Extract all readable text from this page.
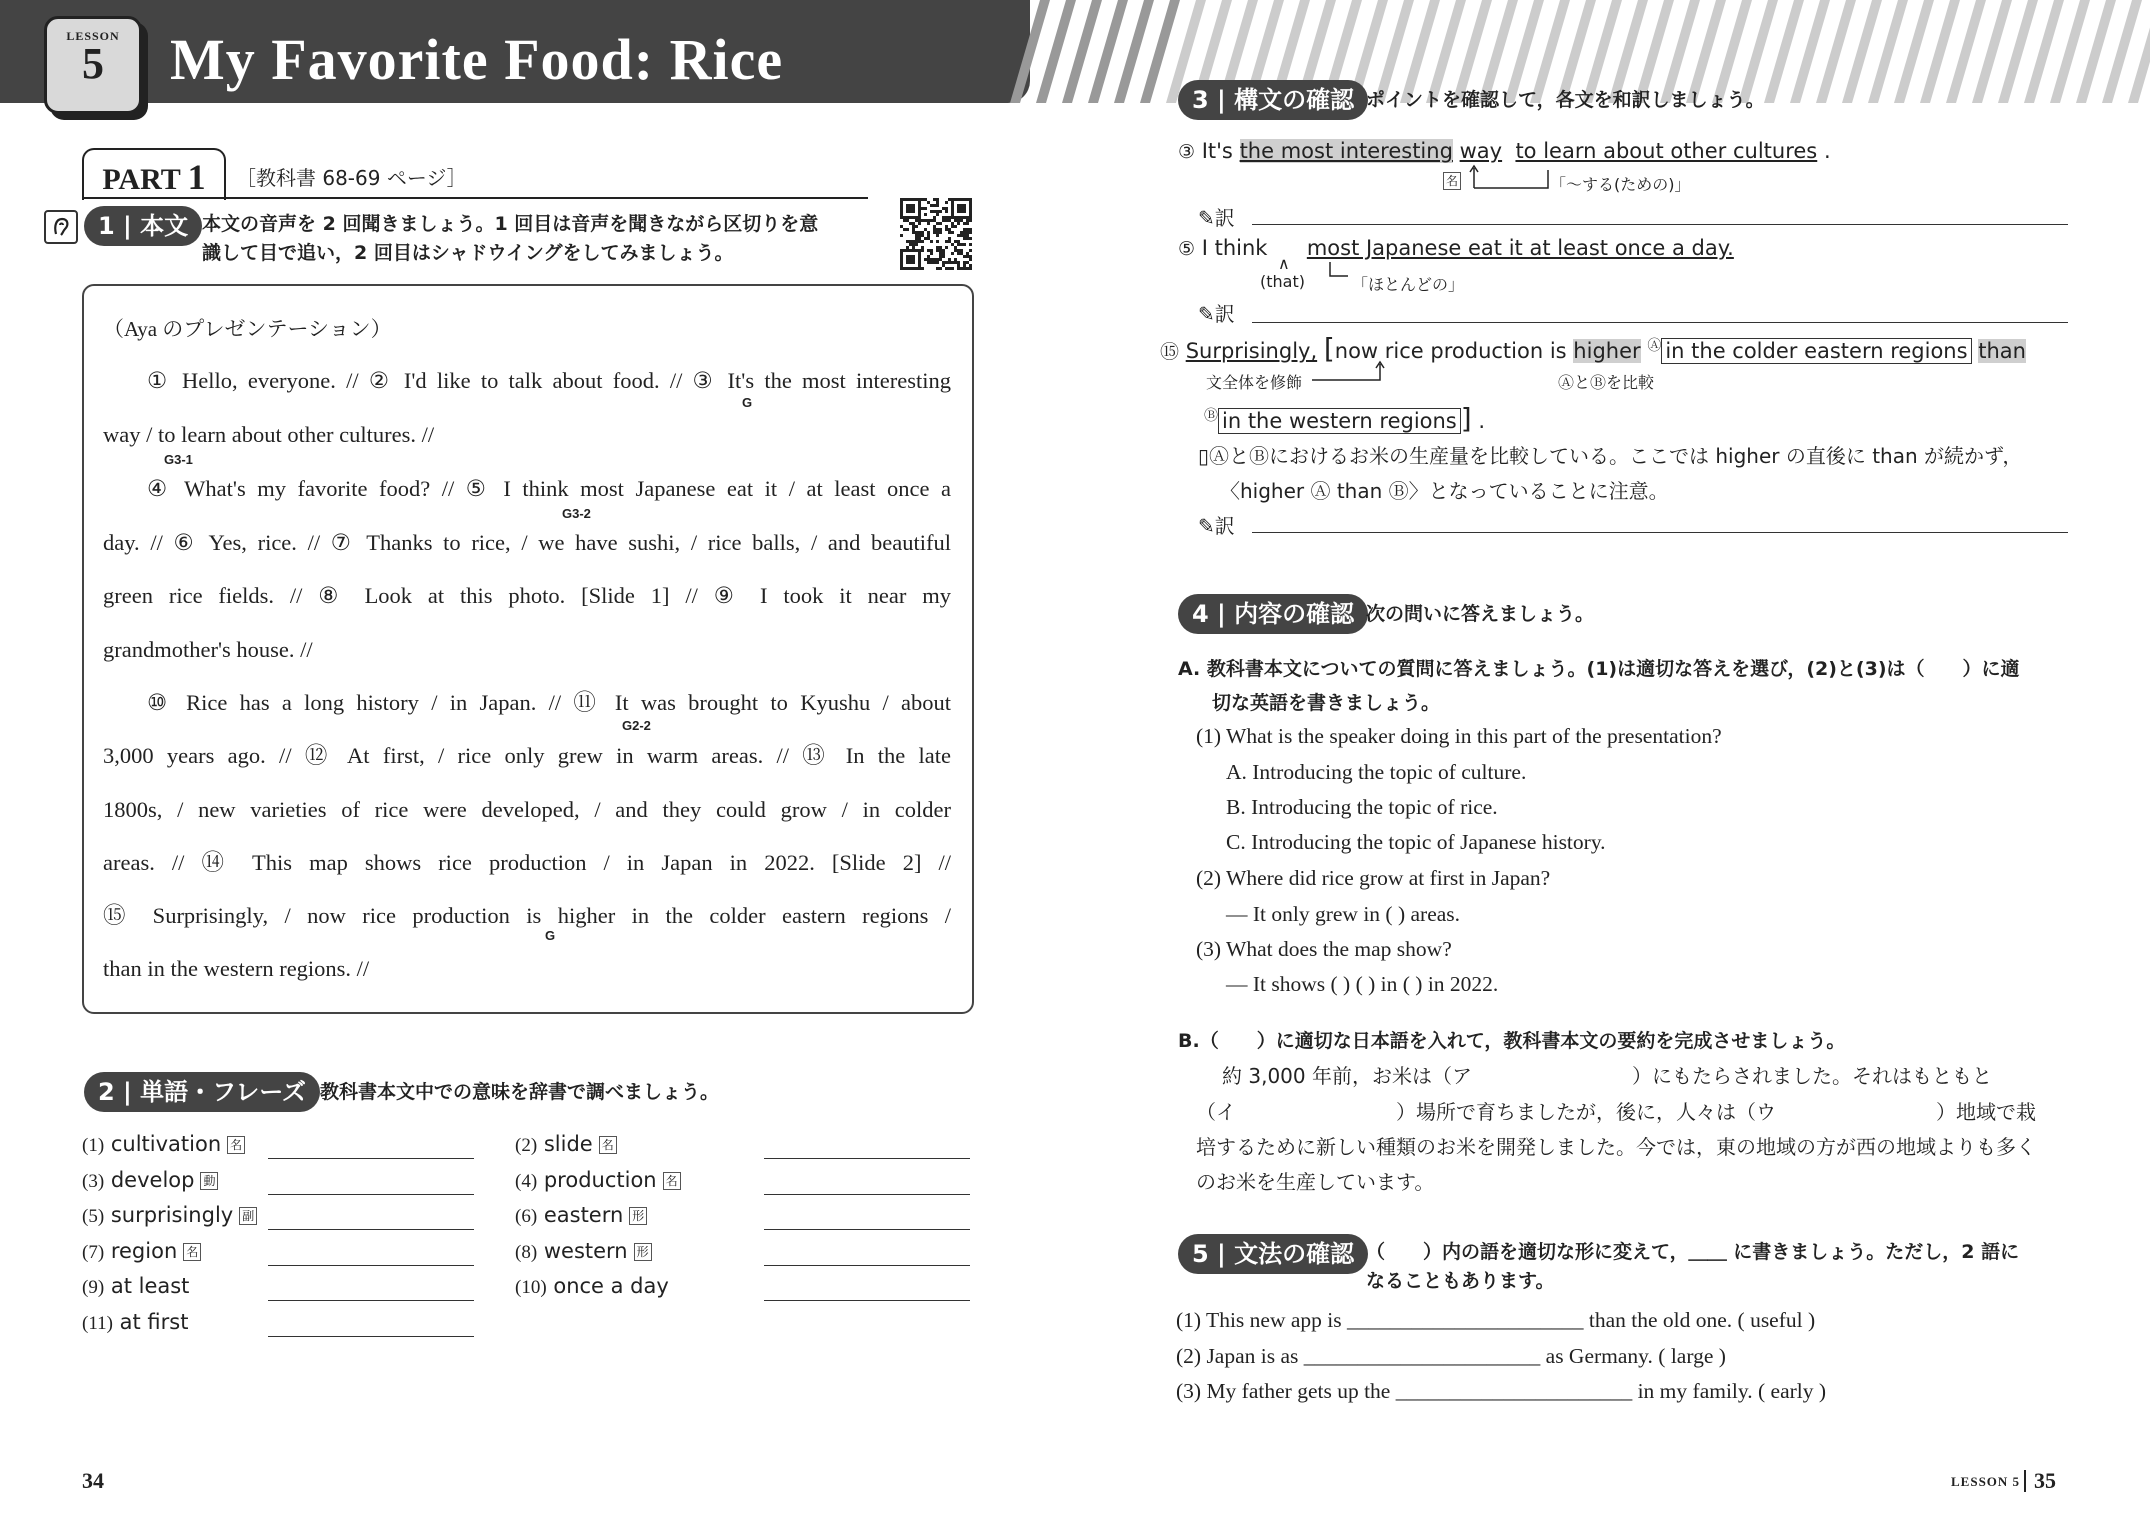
LESSON
5	My Favorite Food: Rice
PART 1	［教科書 68-69 ページ］
1 | 本文 本文の音声を 2 回聞きましょう。1 回目は音声を聞きながら区切りを意
識して目で追い，2 回目はシャドウイングをしてみましょう。
（Aya のプレゼンテーション）
① Hello, everyone. // ② I'd like to talk about food. // ③ It's the most interesting
G
way / to learn about other cultures. //
G3-1
④ What's my favorite food? // ⑤ I think most Japanese eat it / at least once a
G3-2
day. // ⑥ Yes, rice. // ⑦ Thanks to rice, / we have sushi, / rice balls, / and beautiful
green rice fields. // ⑧ Look at this photo. [Slide 1] // ⑨ I took it near my
grandmother's house. //
⑩ Rice has a long history / in Japan. // ⑪ It was brought to Kyushu / about
G2-2
3,000 years ago. // ⑫ At first, / rice only grew in warm areas. // ⑬ In the late
1800s, / new varieties of rice were developed, / and they could grow / in colder
areas. // ⑭ This map shows rice production / in Japan in 2022. [Slide 2] //
⑮ Surprisingly, / now rice production is higher in the colder eastern regions /
G
than in the western regions. //
2 | 単語・フレーズ 教科書本文中での意味を辞書で調べましょう。
(1) cultivation 名	(2) slide 名
(3) develop 動	(4) production 名
(5) surprisingly 副	(6) eastern 形
(7) region 名	(8) western 形
(9) at least	(10) once a day
(11) at first
3 | 構文の確認 ポイントを確認して，各文を和訳しましょう。
③ It's the most interesting way to learn about other cultures .
名	「～する(ための)」
✎訳
⑤ I think most Japanese eat it at least once a day.
∧
(that)	「ほとんどの」
✎訳
⑮ Surprisingly, [now rice production is higher Ⓐ in the colder eastern regions than
文全体を修飾	ⒶとⒷを比較
Ⓑ in the western regions ] .
▯ⒶとⒷにおけるお米の生産量を比較している。ここでは higher の直後に than が続かず，
〈higher Ⓐ than Ⓑ〉となっていることに注意。
✎訳
4 | 内容の確認 次の問いに答えましょう。
A. 教科書本文についての質問に答えましょう。(1)は適切な答えを選び，(2)と(3)は（　　）に適
切な英語を書きましょう。
(1) What is the speaker doing in this part of the presentation?
A. Introducing the topic of culture.
B. Introducing the topic of rice.
C. Introducing the topic of Japanese history.
(2) Where did rice grow at first in Japan?
— It only grew in ( ) areas.
(3) What does the map show?
— It shows ( ) ( ) in ( ) in 2022.
B.（　　）に適切な日本語を入れて，教科書本文の要約を完成させましょう。
約 3,000 年前，お米は（ア　　　　　　　　）にもたらされました。それはもともと
（イ　　　　　　　　）場所で育ちましたが，後に，人々は（ウ　　　　　　　　）地域で栽
培するために新しい種類のお米を開発しました。今では，東の地域の方が西の地域よりも多く
のお米を生産しています。
5 | 文法の確認 （　　）内の語を適切な形に変えて，＿＿ に書きましょう。ただし，2 語に
なることもあります。
(1) This new app is ______________________ than the old one. ( useful )
(2) Japan is as ______________________ as Germany. ( large )
(3) My father gets up the ______________________ in my family. ( early )
34	LESSON 5 35
